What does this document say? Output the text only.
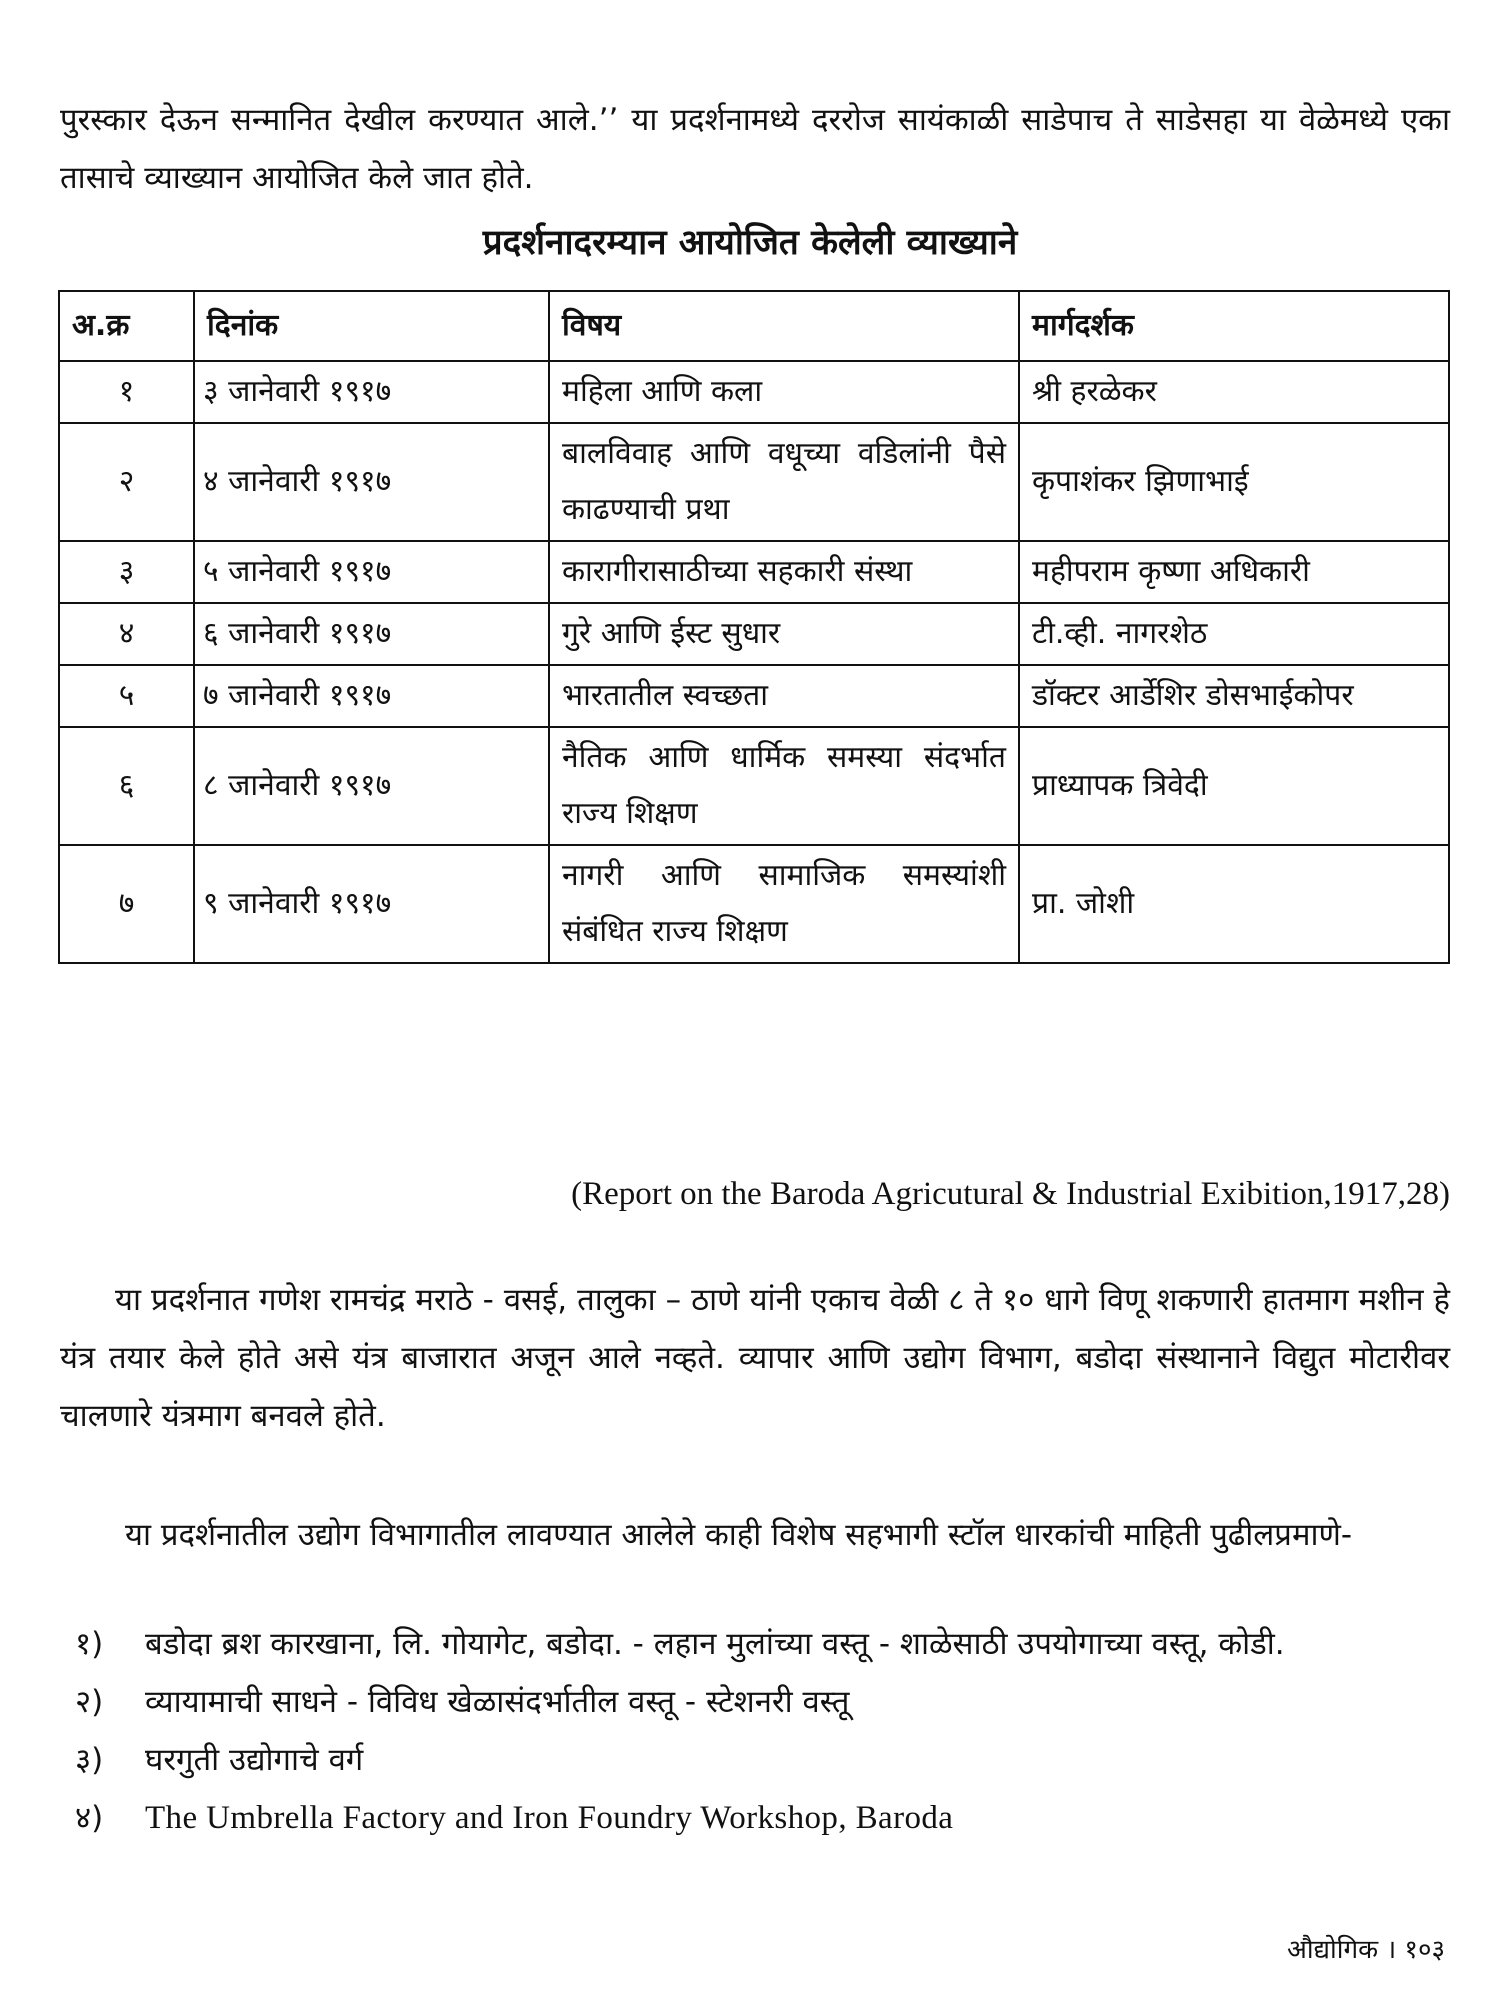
पुरस्कार देऊन सन्मानित देखील करण्यात आले.’’ या प्रदर्शनामध्ये दररोज सायंकाळी साडेपाच ते साडेसहा या वेळेमध्ये एका तासाचे व्याख्यान आयोजित केले जात होते.

प्रदर्शनादरम्यान आयोजित केलेली व्याख्याने
अ.क्र	दिनांक	विषय	मार्गदर्शक
१	३ जानेवारी १९१७	महिला आणि कला	श्री हरळेकर
२	४ जानेवारी १९१७	बालविवाह आणि वधूच्या वडिलांनी पैसे काढण्याची प्रथा	कृपाशंकर झिणाभाई
३	५ जानेवारी १९१७	कारागीरासाठीच्या सहकारी संस्था	महीपराम कृष्णा अधिकारी
४	६ जानेवारी १९१७	गुरे आणि ईस्ट सुधार	टी.व्ही. नागरशेठ
५	७ जानेवारी १९१७	भारतातील स्वच्छता	डॉक्टर आर्डेशिर डोसभाईकोपर
६	८ जानेवारी १९१७	नैतिक आणि धार्मिक समस्या संदर्भात राज्य शिक्षण	प्राध्यापक त्रिवेदी
७	९ जानेवारी १९१७	नागरी आणि सामाजिक समस्यांशी संबंधित राज्य शिक्षण	प्रा. जोशी
(Report on the Baroda Agricutural & Industrial Exibition,1917,28)

या प्रदर्शनात गणेश रामचंद्र मराठे - वसई, तालुका – ठाणे यांनी एकाच वेळी ८ ते १० धागे विणू शकणारी हातमाग मशीन हे यंत्र तयार केले होते असे यंत्र बाजारात अजून आले नव्हते. व्यापार आणि उद्योग विभाग, बडोदा संस्थानाने विद्युत मोटारीवर चालणारे यंत्रमाग बनवले होते.

या प्रदर्शनातील उद्योग विभागातील लावण्यात आलेले काही विशेष सहभागी स्टॉल धारकांची माहिती पुढीलप्रमाणे-

१)	बडोदा ब्रश कारखाना, लि. गोयागेट, बडोदा. - लहान मुलांच्या वस्तू - शाळेसाठी उपयोगाच्या वस्तू, कोडी.
२)	व्यायामाची साधने - विविध खेळासंदर्भातील वस्तू - स्टेशनरी वस्तू
३)	घरगुती उद्योगाचे वर्ग
४)	The Umbrella Factory and Iron Foundry Workshop, Baroda
औद्योगिक । १०३
